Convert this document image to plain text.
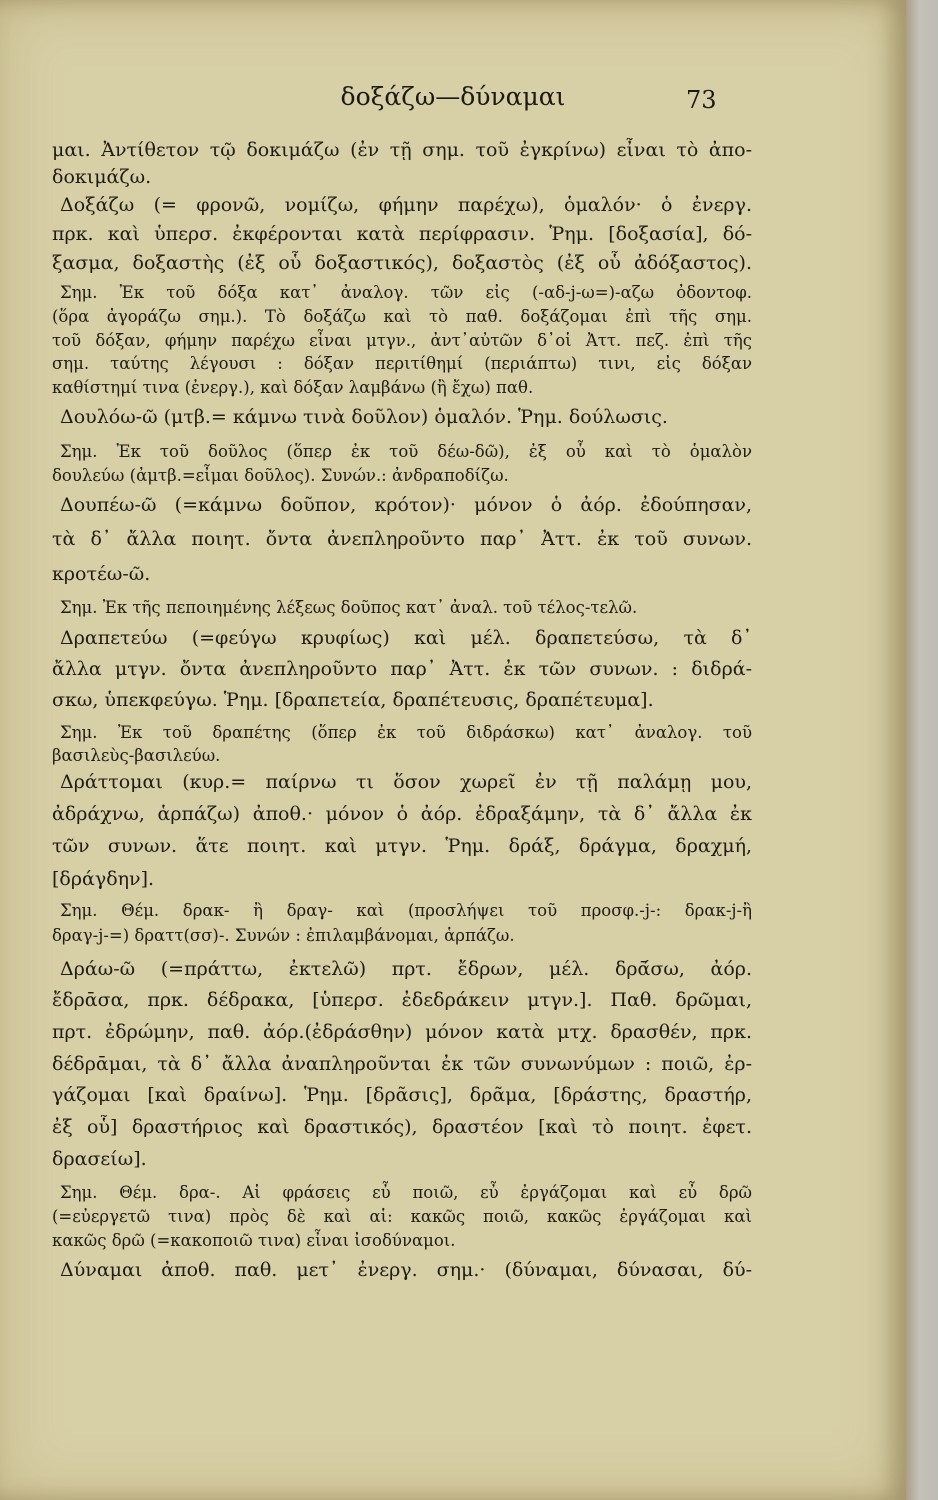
δοξάζω—δύναμαι	73
μαι. Ἀντίθετον τῷ δοκιμάζω (ἐν τῇ σημ. τοῦ ἐγκρίνω) εἶναι τὸ ἀπο-
δοκιμάζω.
Δοξάζω (= φρονῶ, νομίζω, φήμην παρέχω), ὁμαλόν· ὁ ἐνεργ.
πρκ. καὶ ὑπερσ. ἐκφέρονται κατὰ περίφρασιν. Ῥημ. [δοξασία], δό-
ξασμα, δοξαστὴς (ἐξ οὗ δοξαστικός), δοξαστὸς (ἐξ οὗ ἀδόξαστος).
Σημ. Ἐκ τοῦ δόξα κατ᾽ ἀναλογ. τῶν εἰς (-αδ-j-ω=)-αζω ὀδοντοφ.
(ὅρα ἀγοράζω σημ.). Τὸ δοξάζω καὶ τὸ παθ. δοξάζομαι ἐπὶ τῆς σημ.
τοῦ δόξαν, φήμην παρέχω εἶναι μτγν., ἀντ᾽αὐτῶν δ᾽οἱ Ἀττ. πεζ. ἐπὶ τῆς
σημ. ταύτης λέγουσι : δόξαν περιτίθημί (περιάπτω) τινι, εἰς δόξαν
καθίστημί τινα (ἐνεργ.), καὶ δόξαν λαμβάνω (ἢ ἔχω) παθ.
Δουλόω-ῶ (μτβ.= κάμνω τινὰ δοῦλον) ὁμαλόν. Ῥημ. δούλωσις.
Σημ. Ἐκ τοῦ δοῦλος (ὅπερ ἐκ τοῦ δέω-δῶ), ἐξ οὗ καὶ τὸ ὁμαλὸν
δουλεύω (ἀμτβ.=εἶμαι δοῦλος). Συνών.: ἀνδραποδίζω.
Δουπέω-ῶ (=κάμνω δοῦπον, κρότον)· μόνον ὁ ἀόρ. ἐδούπησαν,
τὰ δ᾽ ἄλλα ποιητ. ὄντα ἀνεπληροῦντο παρ᾽ Ἀττ. ἐκ τοῦ συνων.
κροτέω-ῶ.
Σημ. Ἐκ τῆς πεποιημένης λέξεως δοῦπος κατ᾽ ἀναλ. τοῦ τέλος-τελῶ.
Δραπετεύω (=φεύγω κρυφίως) καὶ μέλ. δραπετεύσω, τὰ δ᾽
ἄλλα μτγν. ὄντα ἀνεπληροῦντο παρ᾽ Ἀττ. ἐκ τῶν συνων. : διδρά-
σκω, ὑπεκφεύγω. Ῥημ. [δραπετεία, δραπέτευσις, δραπέτευμα].
Σημ. Ἐκ τοῦ δραπέτης (ὅπερ ἐκ τοῦ διδράσκω) κατ᾽ ἀναλογ. τοῦ
βασιλεὺς-βασιλεύω.
Δράττομαι (κυρ.= παίρνω τι ὅσον χωρεῖ ἐν τῇ παλάμῃ μου,
ἀδράχνω, ἁρπάζω) ἀποθ.· μόνον ὁ ἀόρ. ἐδραξάμην, τὰ δ᾽ ἄλλα ἐκ
τῶν συνων. ἅτε ποιητ. καὶ μτγν. Ῥημ. δράξ, δράγμα, δραχμή,
[δράγδην].
Σημ. Θέμ. δρακ- ἢ δραγ- καὶ (προσλήψει τοῦ προσφ.-j-: δρακ-j-ἢ
δραγ-j-=) δραττ(σσ)-. Συνών : ἐπιλαμβάνομαι, ἁρπάζω.
Δράω-ῶ (=πράττω, ἐκτελῶ) πρτ. ἔδρων, μέλ. δρᾱ́σω, ἀόρ.
ἔδρᾱσα, πρκ. δέδρακα, [ὑπερσ. ἐδεδράκειν μτγν.]. Παθ. δρῶμαι,
πρτ. ἐδρώμην, παθ. ἀόρ.(ἐδράσθην) μόνον κατὰ μτχ. δρασθέν, πρκ.
δέδρᾱμαι, τὰ δ᾽ ἄλλα ἀναπληροῦνται ἐκ τῶν συνωνύμων : ποιῶ, ἐρ-
γάζομαι [καὶ δραίνω]. Ῥημ. [δρᾶσις], δρᾶμα, [δράστης, δραστήρ,
ἐξ οὗ] δραστήριος καὶ δραστικός), δραστέον [καὶ τὸ ποιητ. ἐφετ.
δρασείω].
Σημ. Θέμ. δρα-. Αἱ φράσεις εὖ ποιῶ, εὖ ἐργάζομαι καὶ εὖ δρῶ
(=εὐεργετῶ τινα) πρὸς δὲ καὶ αἱ: κακῶς ποιῶ, κακῶς ἐργάζομαι καὶ
κακῶς δρῶ (=κακοποιῶ τινα) εἶναι ἰσοδύναμοι.
Δύναμαι ἀποθ. παθ. μετ᾽ ἐνεργ. σημ.· (δύναμαι, δύνασαι, δύ-
